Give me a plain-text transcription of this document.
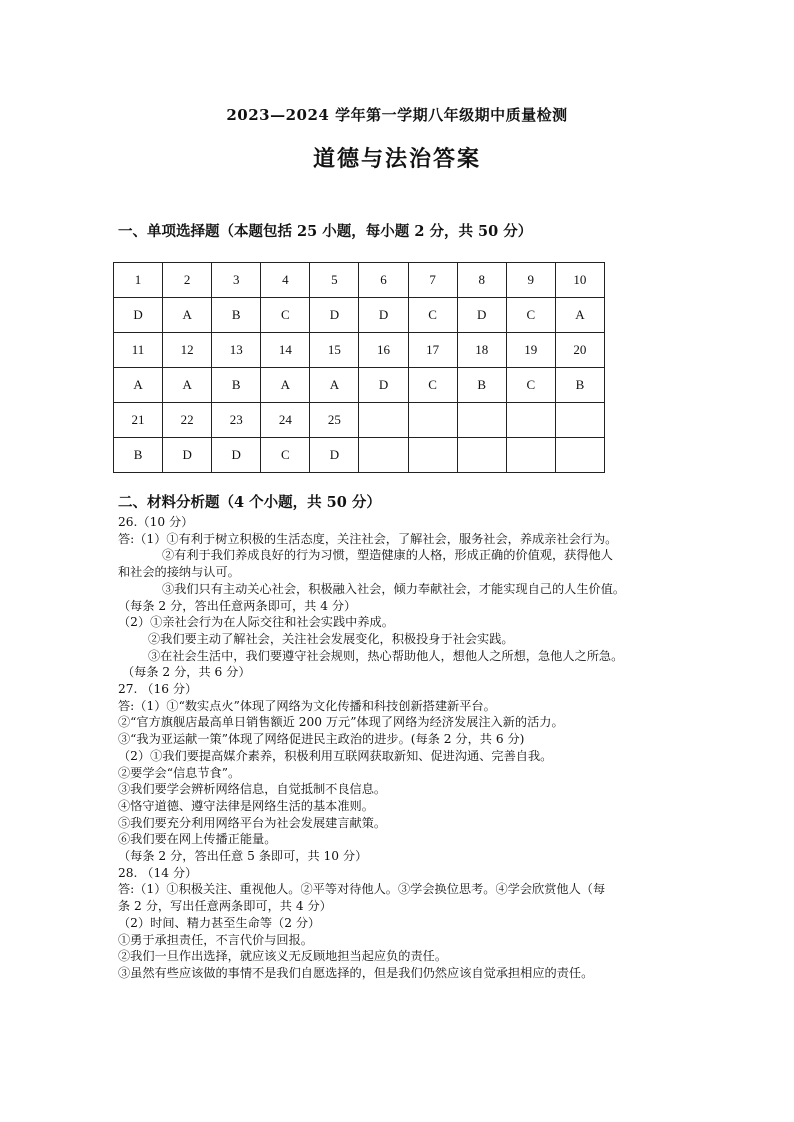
2023—2024 学年第一学期八年级期中质量检测
道德与法治答案
一、单项选择题（本题包括 25 小题，每小题 2 分，共 50 分）
1	2	3	4	5	6	7	8	9	10
D	A	B	C	D	D	C	D	C	A
11	12	13	14	15	16	17	18	19	20
A	A	B	A	A	D	C	B	C	B
21	22	23	24	25					
B	D	D	C	D					
二、材料分析题（4 个小题，共 50 分）
26.（10 分）
答:（1）①有利于树立积极的生活态度，关注社会，了解社会，服务社会，养成亲社会行为。
②有利于我们养成良好的行为习惯，塑造健康的人格，形成正确的价值观，获得他人
和社会的接纳与认可。
③我们只有主动关心社会，积极融入社会，倾力奉献社会，才能实现自己的人生价值。
（每条 2 分，答出任意两条即可，共 4 分）
（2）①亲社会行为在人际交往和社会实践中养成。
②我们要主动了解社会，关注社会发展变化，积极投身于社会实践。
③在社会生活中，我们要遵守社会规则，热心帮助他人，想他人之所想，急他人之所急。
（每条 2 分，共 6 分）
27. （16 分）
答:（1）①“数实点火”体现了网络为文化传播和科技创新搭建新平台。
②“官方旗舰店最高单日销售额近 200 万元”体现了网络为经济发展注入新的活力。
③“我为亚运献一策”体现了网络促进民主政治的进步。(每条 2 分，共 6 分)
（2）①我们要提高媒介素养，积极利用互联网获取新知、促进沟通、完善自我。
②要学会“信息节食”。
③我们要学会辨析网络信息，自觉抵制不良信息。
④恪守道德、遵守法律是网络生活的基本准则。
⑤我们要充分利用网络平台为社会发展建言献策。
⑥我们要在网上传播正能量。
（每条 2 分，答出任意 5 条即可，共 10 分）
28. （14 分）
答:（1）①积极关注、重视他人。②平等对待他人。③学会换位思考。④学会欣赏他人（每
条 2 分，写出任意两条即可，共 4 分）
（2）时间、精力甚至生命等（2 分）
①勇于承担责任，不言代价与回报。
②我们一旦作出选择，就应该义无反顾地担当起应负的责任。
③虽然有些应该做的事情不是我们自愿选择的，但是我们仍然应该自觉承担相应的责任。
